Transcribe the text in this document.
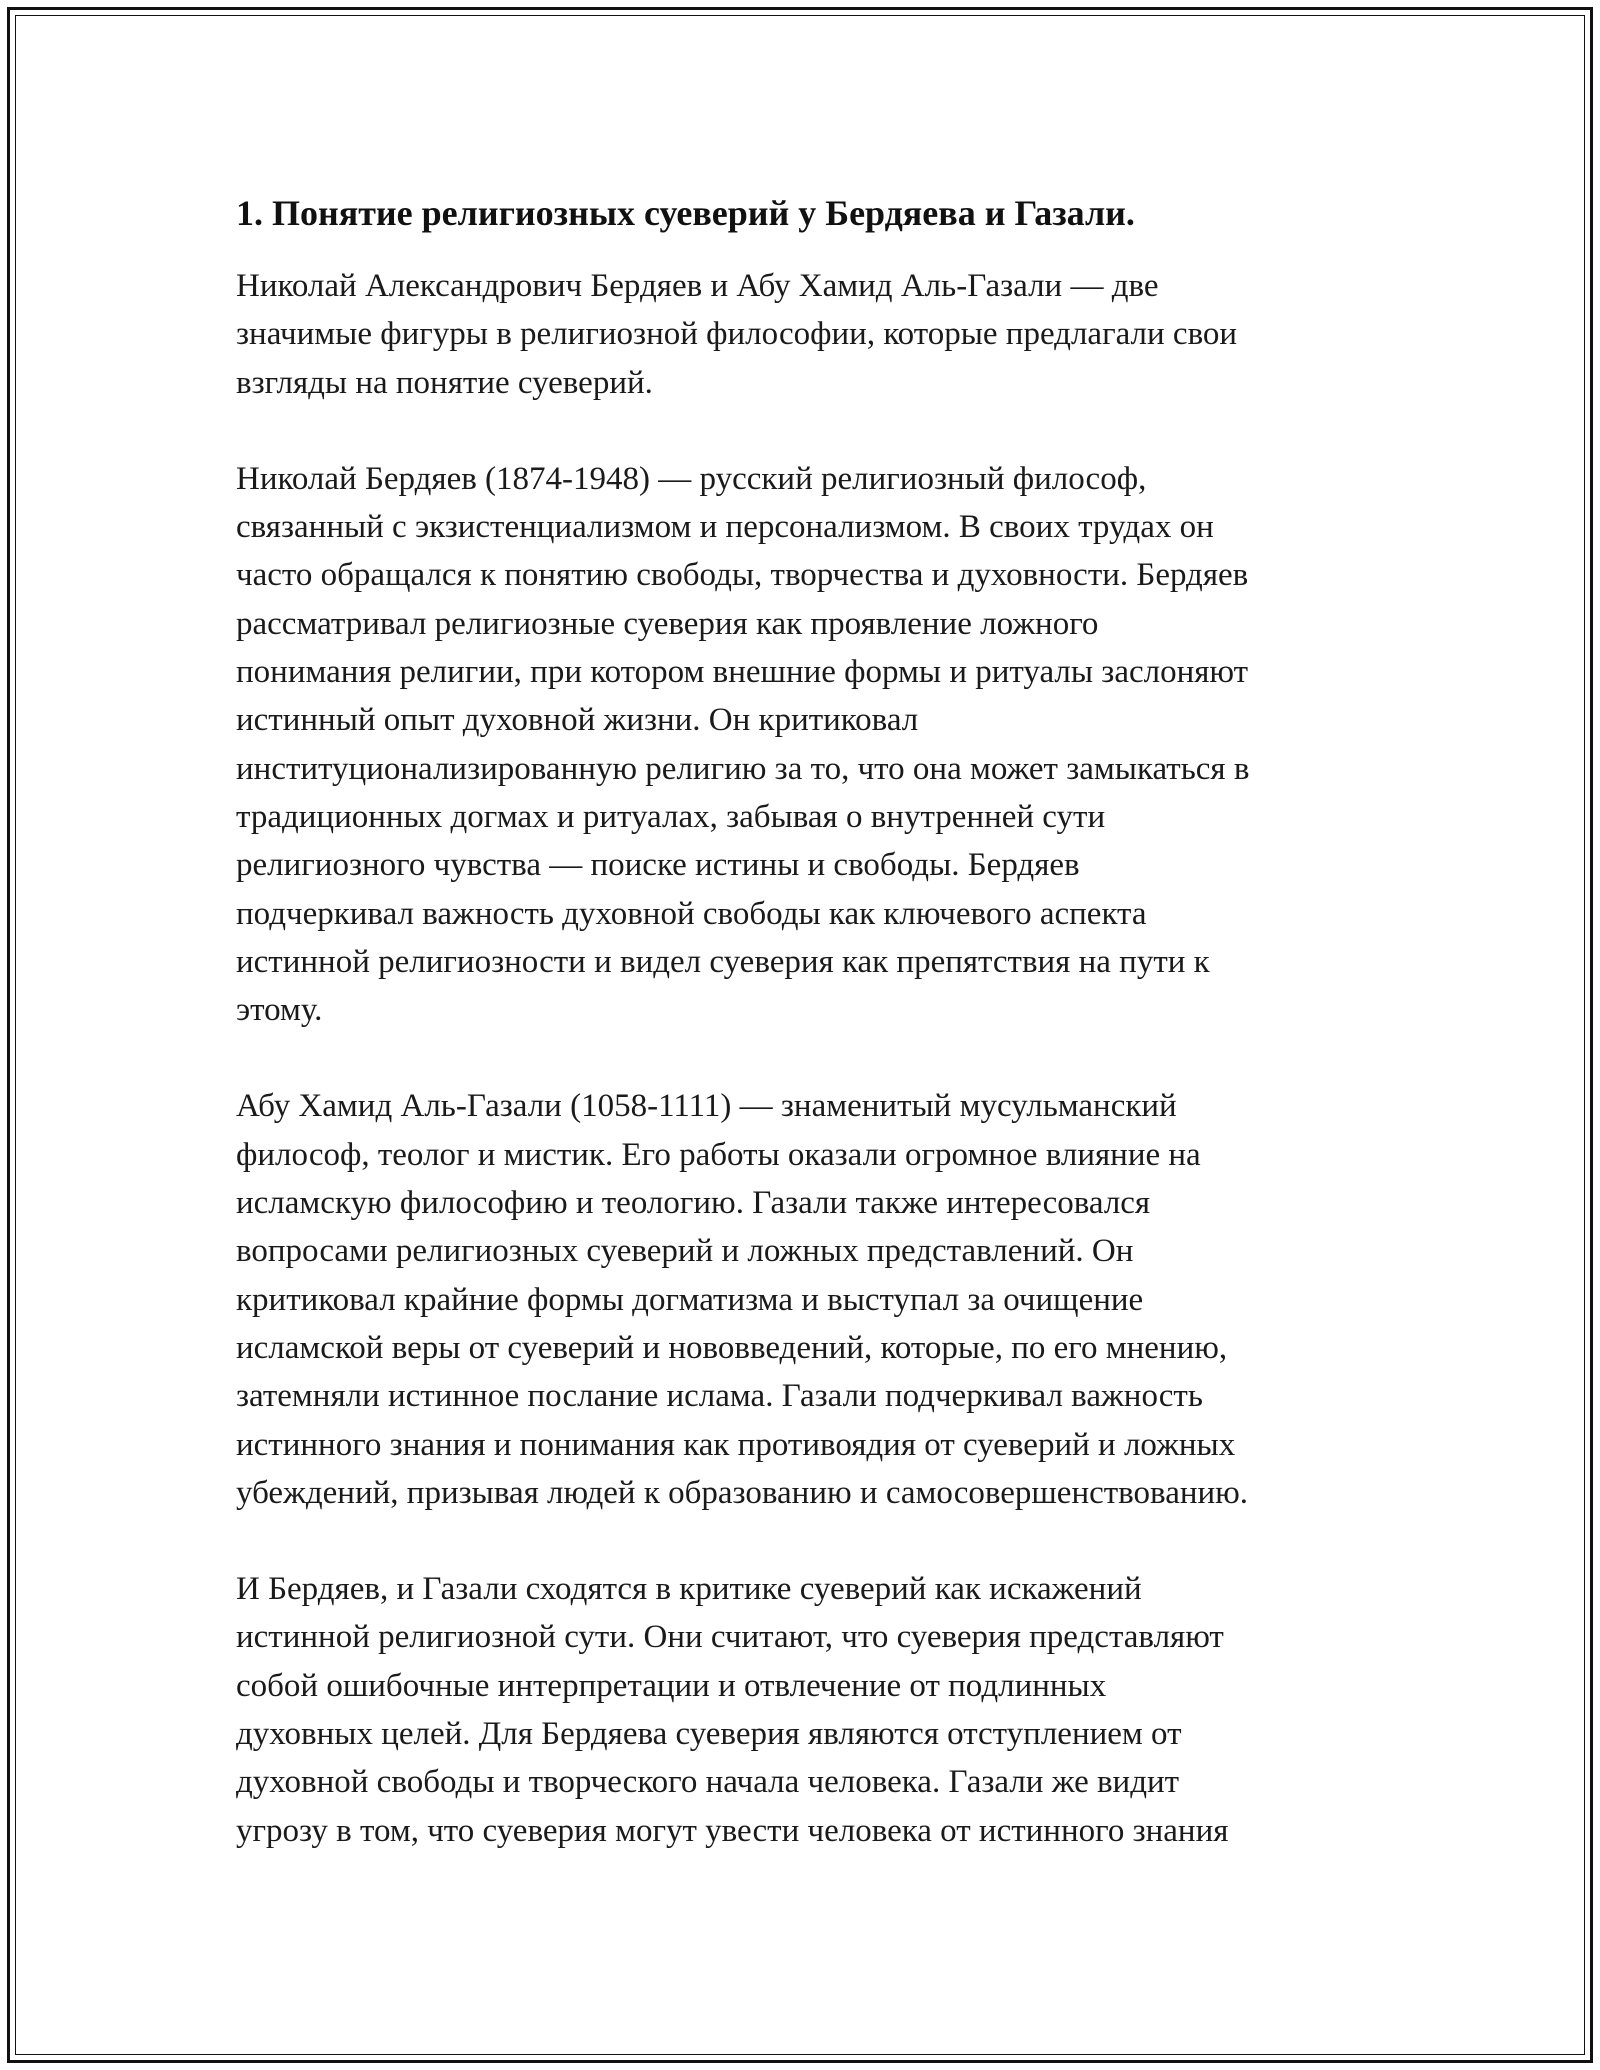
1. Понятие религиозных суеверий у Бердяева и Газали.

Николай Александрович Бердяев и Абу Хамид Аль-Газали — две
значимые фигуры в религиозной философии, которые предлагали свои
взгляды на понятие суеверий.

Николай Бердяев (1874-1948) — русский религиозный философ,
связанный с экзистенциализмом и персонализмом. В своих трудах он
часто обращался к понятию свободы, творчества и духовности. Бердяев
рассматривал религиозные суеверия как проявление ложного
понимания религии, при котором внешние формы и ритуалы заслоняют
истинный опыт духовной жизни. Он критиковал
институционализированную религию за то, что она может замыкаться в
традиционных догмах и ритуалах, забывая о внутренней сути
религиозного чувства — поиске истины и свободы. Бердяев
подчеркивал важность духовной свободы как ключевого аспекта
истинной религиозности и видел суеверия как препятствия на пути к
этому.

Абу Хамид Аль-Газали (1058-1111) — знаменитый мусульманский
философ, теолог и мистик. Его работы оказали огромное влияние на
исламскую философию и теологию. Газали также интересовался
вопросами религиозных суеверий и ложных представлений. Он
критиковал крайние формы догматизма и выступал за очищение
исламской веры от суеверий и нововведений, которые, по его мнению,
затемняли истинное послание ислама. Газали подчеркивал важность
истинного знания и понимания как противоядия от суеверий и ложных
убеждений, призывая людей к образованию и самосовершенствованию.

И Бердяев, и Газали сходятся в критике суеверий как искажений
истинной религиозной сути. Они считают, что суеверия представляют
собой ошибочные интерпретации и отвлечение от подлинных
духовных целей. Для Бердяева суеверия являются отступлением от
духовной свободы и творческого начала человека. Газали же видит
угрозу в том, что суеверия могут увести человека от истинного знания
